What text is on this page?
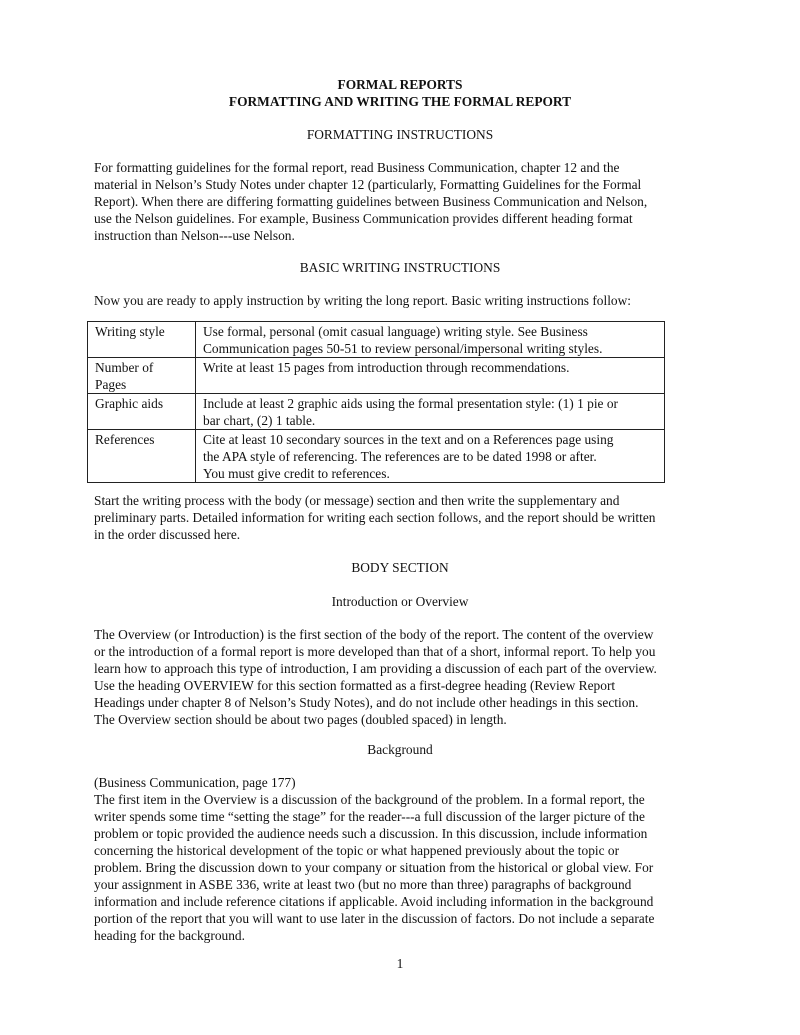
FORMAL REPORTS

FORMATTING AND WRITING THE FORMAL REPORT

FORMATTING INSTRUCTIONS

For formatting guidelines for the formal report, read Business Communication, chapter 12 and the
material in Nelson’s Study Notes under chapter 12 (particularly, Formatting Guidelines for the Formal
Report). When there are differing formatting guidelines between Business Communication and Nelson,
use the Nelson guidelines. For example, Business Communication provides different heading format
instruction than Nelson---use Nelson.

BASIC WRITING INSTRUCTIONS

Now you are ready to apply instruction by writing the long report. Basic writing instructions follow:
Writing style	Use formal, personal (omit casual language) writing style. See Business
Communication pages 50-51 to review personal/impersonal writing styles.

Number of
Pages	Write at least 15 pages from introduction through recommendations.

Graphic aids	Include at least 2 graphic aids using the formal presentation style: (1) 1 pie or
bar chart, (2) 1 table.

References	Cite at least 10 secondary sources in the text and on a References page using
the APA style of referencing. The references are to be dated 1998 or after.
You must give credit to references.
Start the writing process with the body (or message) section and then write the supplementary and
preliminary parts. Detailed information for writing each section follows, and the report should be written
in the order discussed here.

BODY SECTION

Introduction or Overview

The Overview (or Introduction) is the first section of the body of the report. The content of the overview
or the introduction of a formal report is more developed than that of a short, informal report. To help you
learn how to approach this type of introduction, I am providing a discussion of each part of the overview.
Use the heading OVERVIEW for this section formatted as a first-degree heading (Review Report
Headings under chapter 8 of Nelson’s Study Notes), and do not include other headings in this section.
The Overview section should be about two pages (doubled spaced) in length.

Background

(Business Communication, page 177)
The first item in the Overview is a discussion of the background of the problem. In a formal report, the
writer spends some time “setting the stage” for the reader---a full discussion of the larger picture of the
problem or topic provided the audience needs such a discussion. In this discussion, include information
concerning the historical development of the topic or what happened previously about the topic or
problem. Bring the discussion down to your company or situation from the historical or global view. For
your assignment in ASBE 336, write at least two (but no more than three) paragraphs of background
information and include reference citations if applicable. Avoid including information in the background
portion of the report that you will want to use later in the discussion of factors. Do not include a separate
heading for the background.
1
